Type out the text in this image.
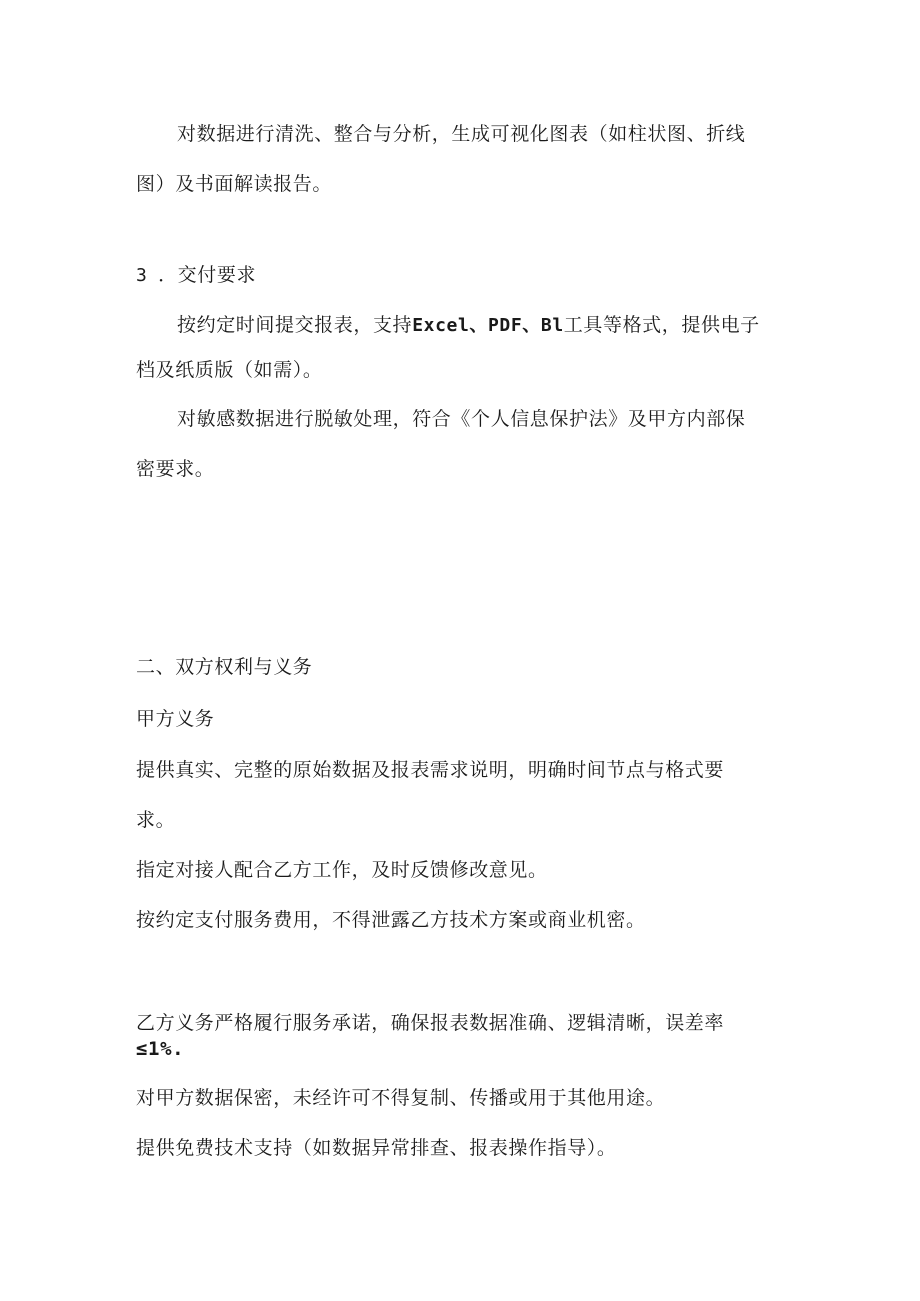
对数据进行清洗、整合与分析，生成可视化图表（如柱状图、折线
图）及书面解读报告。
3 ．交付要求
按约定时间提交报表，支持Excel、PDF、Bl工具等格式，提供电子
档及纸质版（如需）。
对敏感数据进行脱敏处理，符合《个人信息保护法》及甲方内部保
密要求。
二、双方权利与义务
甲方义务
提供真实、完整的原始数据及报表需求说明，明确时间节点与格式要
求。
指定对接人配合乙方工作，及时反馈修改意见。
按约定支付服务费用，不得泄露乙方技术方案或商业机密。
乙方义务严格履行服务承诺，确保报表数据准确、逻辑清晰，误差率
≤1%.
对甲方数据保密，未经许可不得复制、传播或用于其他用途。
提供免费技术支持（如数据异常排查、报表操作指导）。
